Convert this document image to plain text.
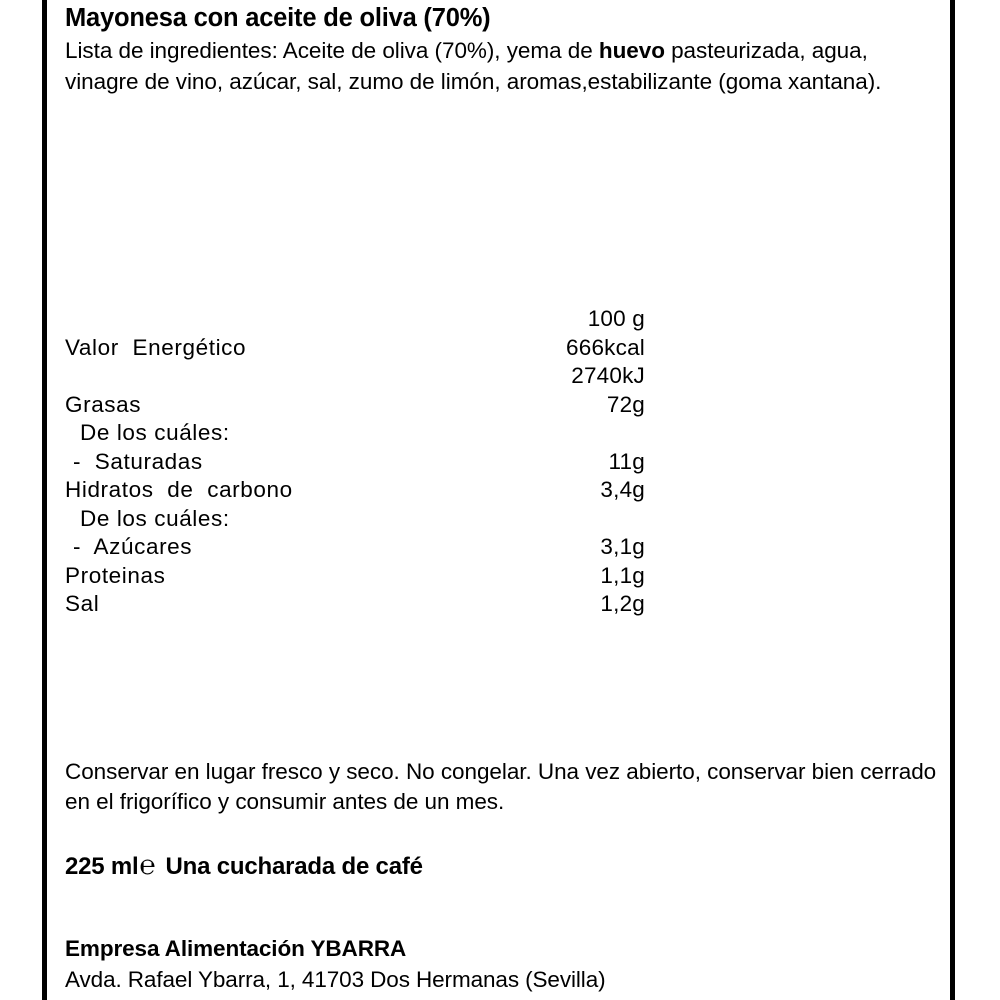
Mayonesa con aceite de oliva (70%)
Lista de ingredientes: Aceite de oliva (70%), yema de huevo pasteurizada, agua, vinagre de vino, azúcar, sal, zumo de limón, aromas,estabilizante (goma xantana).
100 g
Valor  Energético	666kcal
2740kJ
Grasas	72g
De los cuáles:
-  Saturadas	11g
Hidratos  de  carbono	3,4g
De los cuáles:
-  Azúcares	3,1g
Proteinas	1,1g
Sal	1,2g
Conservar en lugar fresco y seco. No congelar. Una vez abierto, conservar bien cerrado en el frigorífico y consumir antes de un mes.
225 ml ℮ Una cucharada de café
Empresa Alimentación YBARRA
Avda. Rafael Ybarra, 1, 41703 Dos Hermanas (Sevilla)
